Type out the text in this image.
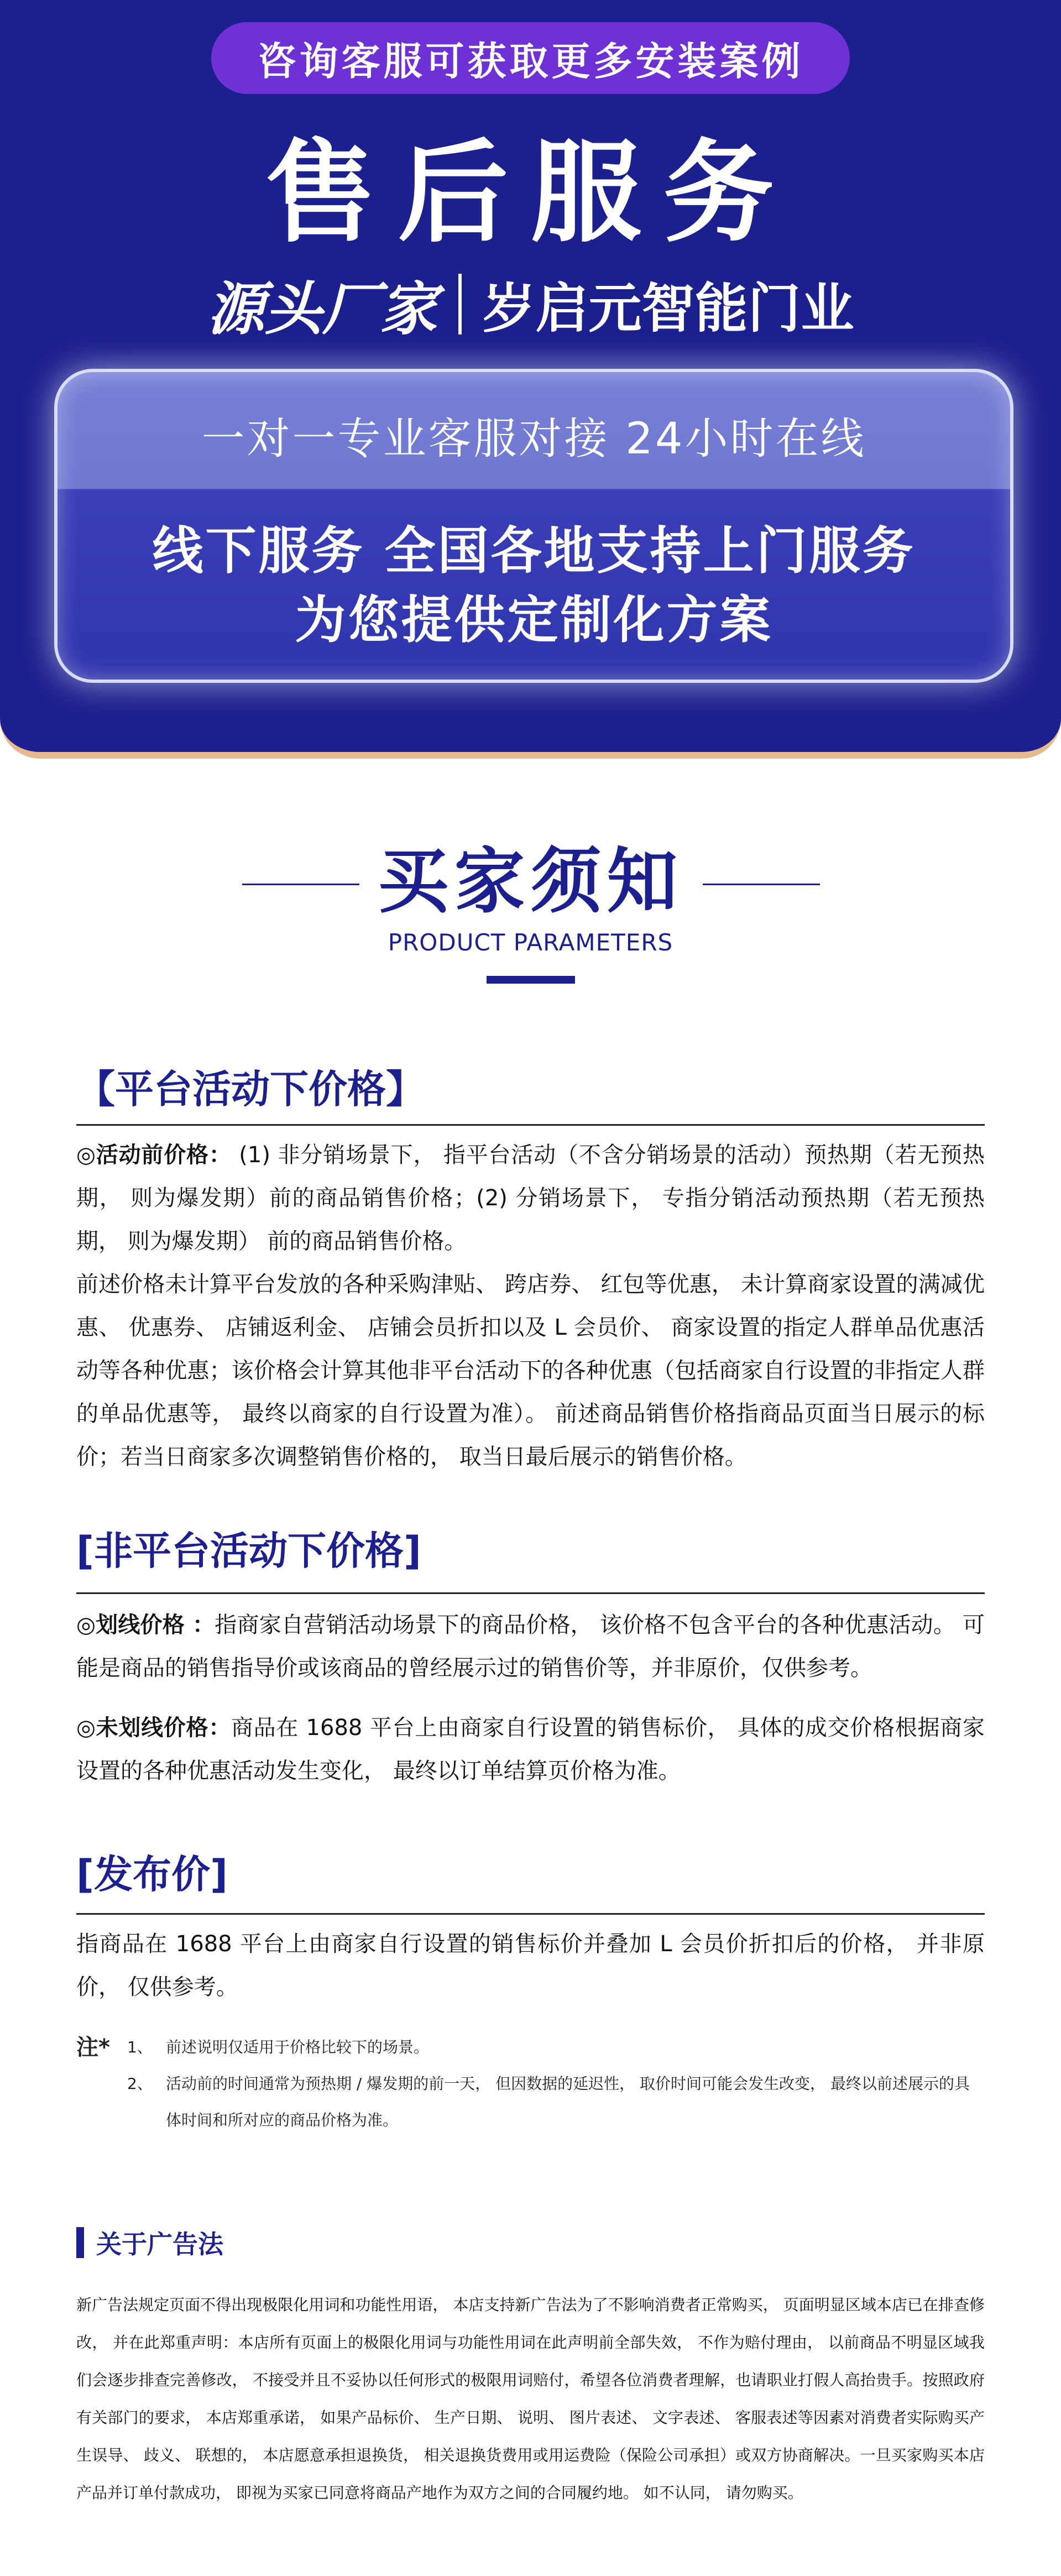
咨询客服可获取更多安装案例
售后服务
源头厂家 岁启元智能门业
一对一专业客服对接 24小时在线
线下服务 全国各地支持上门服务
为您提供定制化方案
买家须知
PRODUCT PARAMETERS
【平台活动下价格】

◎活动前价格： (1) 非分销场景下， 指平台活动（不含分销场景的活动）预热期（若无预热期， 则为爆发期）前的商品销售价格；(2) 分销场景下， 专指分销活动预热期（若无预热期， 则为爆发期） 前的商品销售价格。

前述价格未计算平台发放的各种采购津贴、 跨店券、 红包等优惠， 未计算商家设置的满减优惠、 优惠券、 店铺返利金、 店铺会员折扣以及 L 会员价、 商家设置的指定人群单品优惠活动等各种优惠；该价格会计算其他非平台活动下的各种优惠（包括商家自行设置的非指定人群的单品优惠等， 最终以商家的自行设置为准）。 前述商品销售价格指商品页面当日展示的标价；若当日商家多次调整销售价格的， 取当日最后展示的销售价格。

[非平台活动下价格]

◎划线价格 ：指商家自营销活动场景下的商品价格， 该价格不包含平台的各种优惠活动。 可能是商品的销售指导价或该商品的曾经展示过的销售价等，并非原价，仅供参考。

◎未划线价格：商品在 1688 平台上由商家自行设置的销售标价， 具体的成交价格根据商家设置的各种优惠活动发生变化， 最终以订单结算页价格为准。

[发布价]

指商品在 1688 平台上由商家自行设置的销售标价并叠加 L 会员价折扣后的价格， 并非原价， 仅供参考。

注* 1、 前述说明仅适用于价格比较下的场景。
2、 活动前的时间通常为预热期 / 爆发期的前一天， 但因数据的延迟性， 取价时间可能会发生改变， 最终以前述展示的具体时间和所对应的商品价格为准。
关于广告法

新广告法规定页面不得出现极限化用词和功能性用语， 本店支持新广告法为了不影响消费者正常购买， 页面明显区域本店已在排查修改， 并在此郑重声明：本店所有页面上的极限化用词与功能性用词在此声明前全部失效， 不作为赔付理由， 以前商品不明显区域我们会逐步排查完善修改， 不接受并且不妥协以任何形式的极限用词赔付，希望各位消费者理解，也请职业打假人高抬贵手。按照政府有关部门的要求， 本店郑重承诺， 如果产品标价、 生产日期、 说明、 图片表述、 文字表述、 客服表述等因素对消费者实际购买产生误导、 歧义、 联想的， 本店愿意承担退换货， 相关退换货费用或用运费险（保险公司承担）或双方协商解决。一旦买家购买本店产品并订单付款成功， 即视为买家已同意将商品产地作为双方之间的合同履约地。 如不认同， 请勿购买。
